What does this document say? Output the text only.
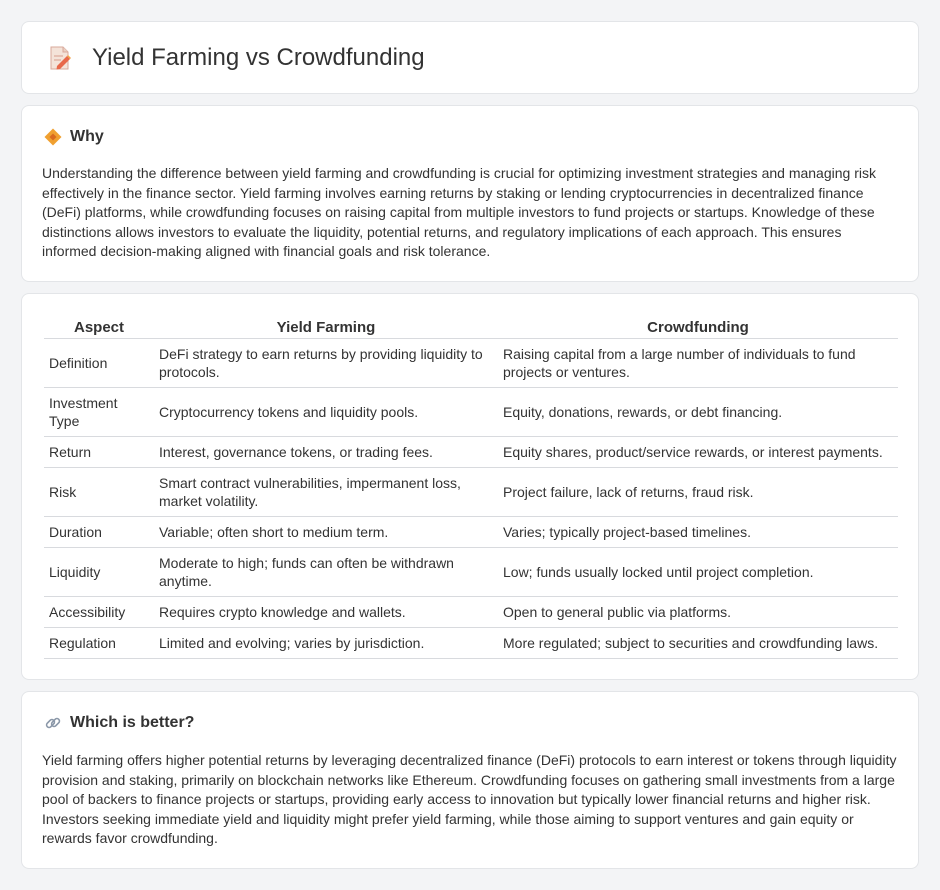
Yield Farming vs Crowdfunding
Why

Understanding the difference between yield farming and crowdfunding is crucial for optimizing investment strategies and managing risk effectively in the finance sector. Yield farming involves earning returns by staking or lending cryptocurrencies in decentralized finance (DeFi) platforms, while crowdfunding focuses on raising capital from multiple investors to fund projects or startups. Knowledge of these distinctions allows investors to evaluate the liquidity, potential returns, and regulatory implications of each approach. This ensures informed decision-making aligned with financial goals and risk tolerance.

Aspect	Yield Farming	Crowdfunding
Definition	DeFi strategy to earn returns by providing liquidity to protocols.	Raising capital from a large number of individuals to fund projects or ventures.
Investment Type	Cryptocurrency tokens and liquidity pools.	Equity, donations, rewards, or debt financing.
Return	Interest, governance tokens, or trading fees.	Equity shares, product/service rewards, or interest payments.
Risk	Smart contract vulnerabilities, impermanent loss, market volatility.	Project failure, lack of returns, fraud risk.
Duration	Variable; often short to medium term.	Varies; typically project-based timelines.
Liquidity	Moderate to high; funds can often be withdrawn anytime.	Low; funds usually locked until project completion.
Accessibility	Requires crypto knowledge and wallets.	Open to general public via platforms.
Regulation	Limited and evolving; varies by jurisdiction.	More regulated; subject to securities and crowdfunding laws.
Which is better?

Yield farming offers higher potential returns by leveraging decentralized finance (DeFi) protocols to earn interest or tokens through liquidity provision and staking, primarily on blockchain networks like Ethereum. Crowdfunding focuses on gathering small investments from a large pool of backers to finance projects or startups, providing early access to innovation but typically lower financial returns and higher risk. Investors seeking immediate yield and liquidity might prefer yield farming, while those aiming to support ventures and gain equity or rewards favor crowdfunding.
